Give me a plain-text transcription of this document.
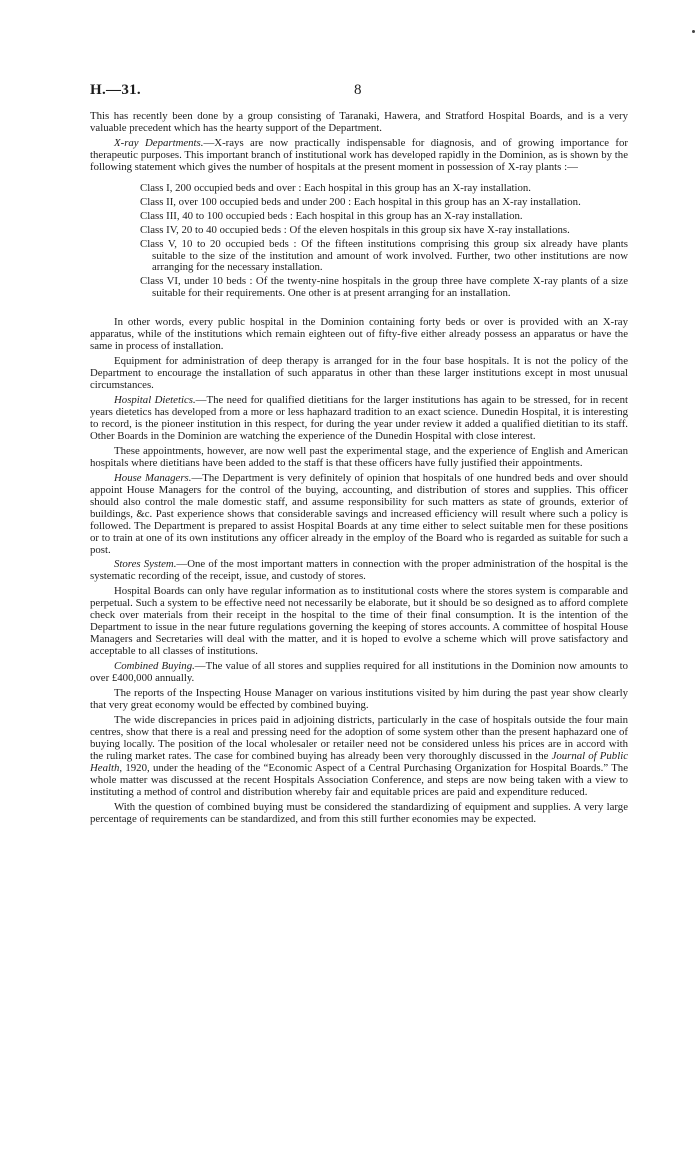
H.—31.	8

This has recently been done by a group consisting of Taranaki, Hawera, and Stratford Hospital Boards, and is a very valuable precedent which has the hearty support of the Department.

X-ray Departments.—X-rays are now practically indispensable for diagnosis, and of growing importance for therapeutic purposes. This important branch of institutional work has developed rapidly in the Dominion, as is shown by the following statement which gives the number of hospitals at the present moment in possession of X-ray plants :—

Class I, 200 occupied beds and over : Each hospital in this group has an X-ray installation.

Class II, over 100 occupied beds and under 200 : Each hospital in this group has an X-ray installation.

Class III, 40 to 100 occupied beds : Each hospital in this group has an X-ray installation.

Class IV, 20 to 40 occupied beds : Of the eleven hospitals in this group six have X-ray installations.

Class V, 10 to 20 occupied beds : Of the fifteen institutions comprising this group six already have plants suitable to the size of the institution and amount of work involved. Further, two other institutions are now arranging for the necessary installation.

Class VI, under 10 beds : Of the twenty-nine hospitals in the group three have complete X-ray plants of a size suitable for their requirements. One other is at present arranging for an installation.

In other words, every public hospital in the Dominion containing forty beds or over is provided with an X-ray apparatus, while of the institutions which remain eighteen out of fifty-five either already possess an apparatus or have the same in process of installation.

Equipment for administration of deep therapy is arranged for in the four base hospitals. It is not the policy of the Department to encourage the installation of such apparatus in other than these larger institutions except in most unusual circumstances.

Hospital Dietetics.—The need for qualified dietitians for the larger institutions has again to be stressed, for in recent years dietetics has developed from a more or less haphazard tradition to an exact science. Dunedin Hospital, it is interesting to record, is the pioneer institution in this respect, for during the year under review it added a qualified dietitian to its staff. Other Boards in the Dominion are watching the experience of the Dunedin Hospital with close interest.

These appointments, however, are now well past the experimental stage, and the experience of English and American hospitals where dietitians have been added to the staff is that these officers have fully justified their appointments.

House Managers.—The Department is very definitely of opinion that hospitals of one hundred beds and over should appoint House Managers for the control of the buying, accounting, and distribution of stores and supplies. This officer should also control the male domestic staff, and assume responsibility for such matters as state of grounds, exterior of buildings, &c. Past experience shows that considerable savings and increased efficiency will result where such a policy is followed. The Department is prepared to assist Hospital Boards at any time either to select suitable men for these positions or to train at one of its own institutions any officer already in the employ of the Board who is regarded as suitable for such a post.

Stores System.—One of the most important matters in connection with the proper administration of the hospital is the systematic recording of the receipt, issue, and custody of stores.

Hospital Boards can only have regular information as to institutional costs where the stores system is comparable and perpetual. Such a system to be effective need not necessarily be elaborate, but it should be so designed as to afford complete check over materials from their receipt in the hospital to the time of their final consumption. It is the intention of the Department to issue in the near future regulations governing the keeping of stores accounts. A committee of hospital House Managers and Secretaries will deal with the matter, and it is hoped to evolve a scheme which will prove satisfactory and acceptable to all classes of institutions.

Combined Buying.—The value of all stores and supplies required for all institutions in the Dominion now amounts to over £400,000 annually.

The reports of the Inspecting House Manager on various institutions visited by him during the past year show clearly that very great economy would be effected by combined buying.

The wide discrepancies in prices paid in adjoining districts, particularly in the case of hospitals outside the four main centres, show that there is a real and pressing need for the adoption of some system other than the present haphazard one of buying locally. The position of the local wholesaler or retailer need not be considered unless his prices are in accord with the ruling market rates. The case for combined buying has already been very thoroughly discussed in the Journal of Public Health, 1920, under the heading of the “Economic Aspect of a Central Purchasing Organization for Hospital Boards.” The whole matter was discussed at the recent Hospitals Association Conference, and steps are now being taken with a view to instituting a method of control and distribution whereby fair and equitable prices are paid and expenditure reduced.

With the question of combined buying must be considered the standardizing of equipment and supplies. A very large percentage of requirements can be standardized, and from this still further economies may be expected.
